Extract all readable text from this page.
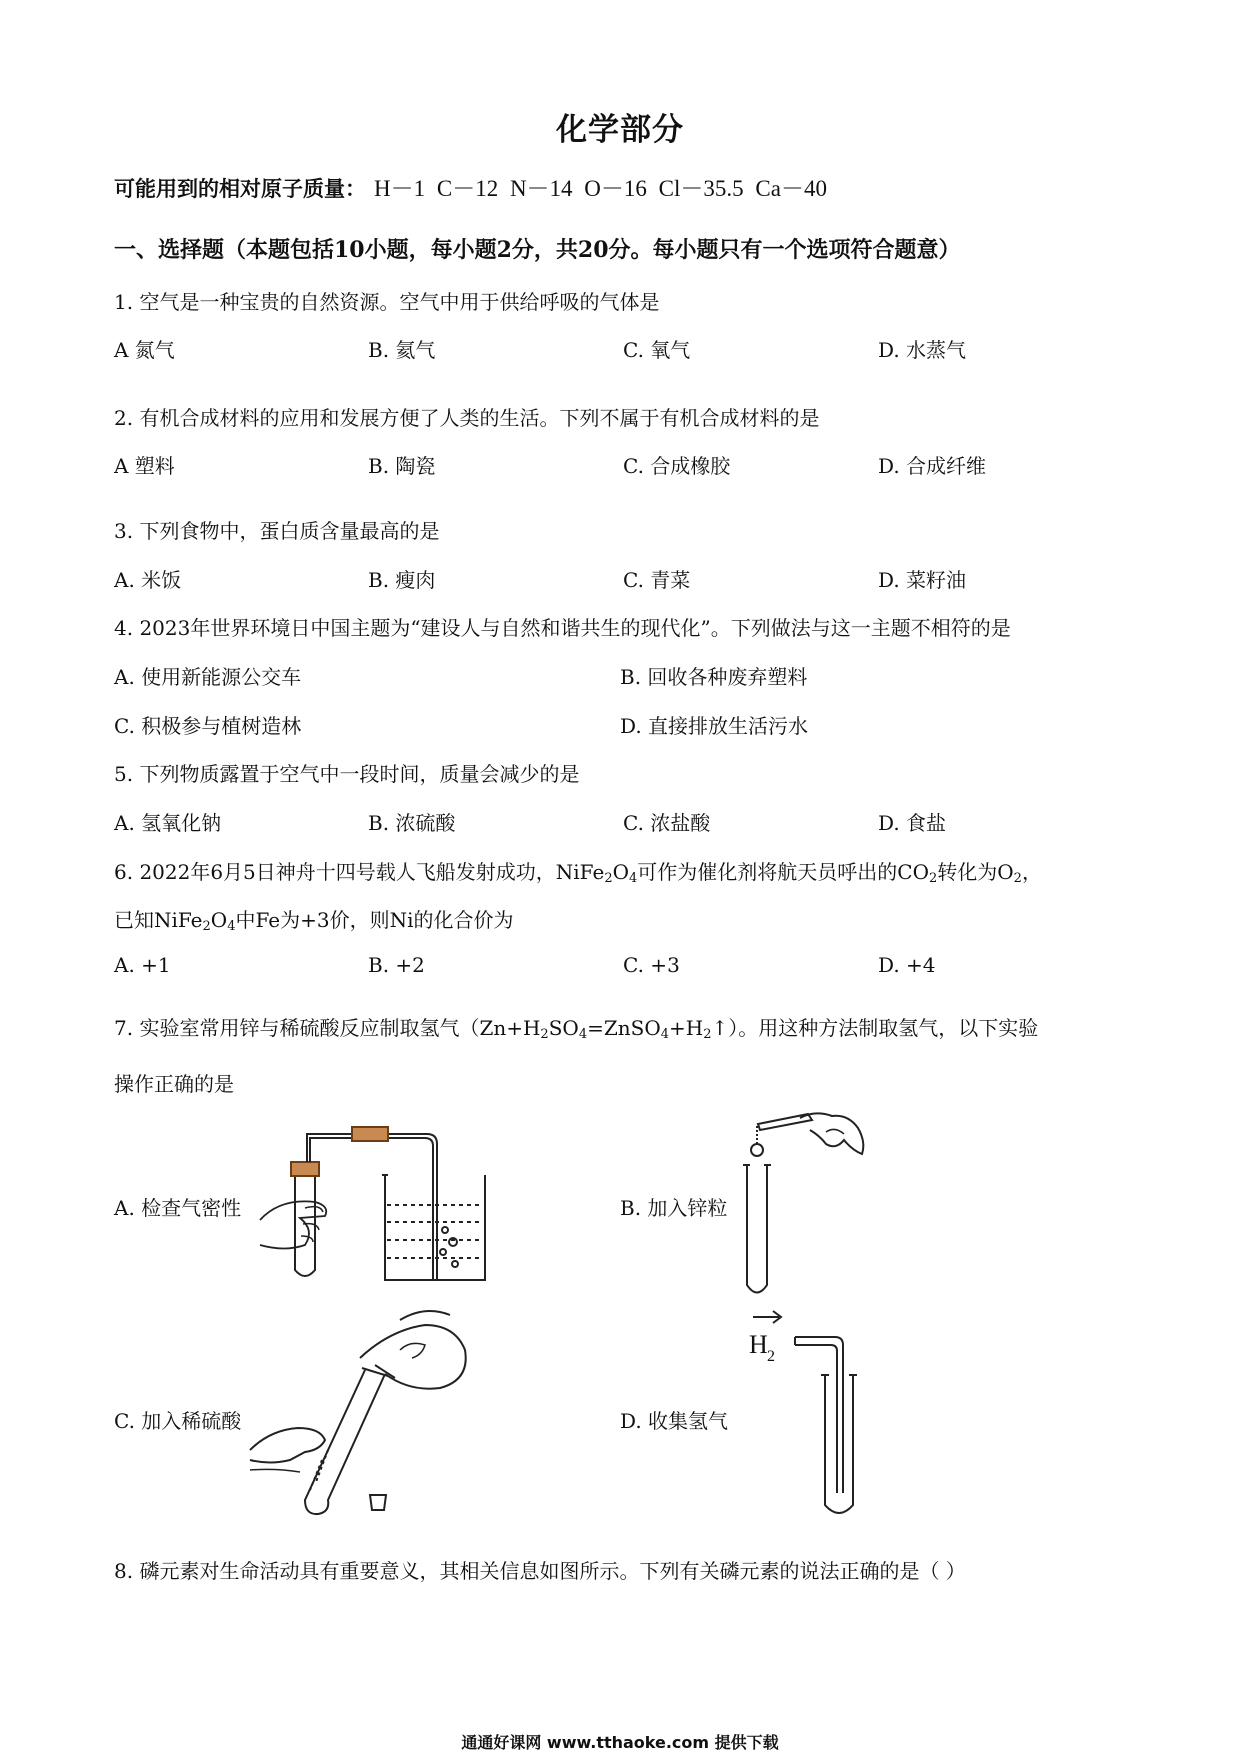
化学部分
可能用到的相对原子质量： H－1 C－12 N－14 O－16 Cl－35.5 Ca－40
一、选择题（本题包括10小题，每小题2分，共20分。每小题只有一个选项符合题意）
1. 空气是一种宝贵的自然资源。空气中用于供给呼吸的气体是
A 氮气	B. 氦气	C. 氧气	D. 水蒸气
2. 有机合成材料的应用和发展方便了人类的生活。下列不属于有机合成材料的是
A 塑料	B. 陶瓷	C. 合成橡胶	D. 合成纤维
3. 下列食物中，蛋白质含量最高的是
A. 米饭	B. 瘦肉	C. 青菜	D. 菜籽油
4. 2023年世界环境日中国主题为“建设人与自然和谐共生的现代化”。下列做法与这一主题不相符的是
A. 使用新能源公交车	B. 回收各种废弃塑料
C. 积极参与植树造林	D. 直接排放生活污水
5. 下列物质露置于空气中一段时间，质量会减少的是
A. 氢氧化钠	B. 浓硫酸	C. 浓盐酸	D. 食盐
6. 2022年6月5日神舟十四号载人飞船发射成功，$NiFe_2O_4$可作为催化剂将航天员呼出的$CO_2$转化为$O_2$，
已知$NiFe_2O_4$中Fe为+3价，则Ni的化合价为
A. +1	B. +2	C. +3	D. +4
7. 实验室常用锌与稀硫酸反应制取氢气$(Zn+H_2SO_4=ZnSO_4+H_2↑)$。用这种方法制取氢气，以下实验
操作正确的是
A. 检查气密性	B. 加入锌粒
C. 加入稀硫酸	D. 收集氢气
H 2
8. 磷元素对生命活动具有重要意义，其相关信息如图所示。下列有关磷元素的说法正确的是（ ）
通通好课网 www.tthaoke.com 提供下载
